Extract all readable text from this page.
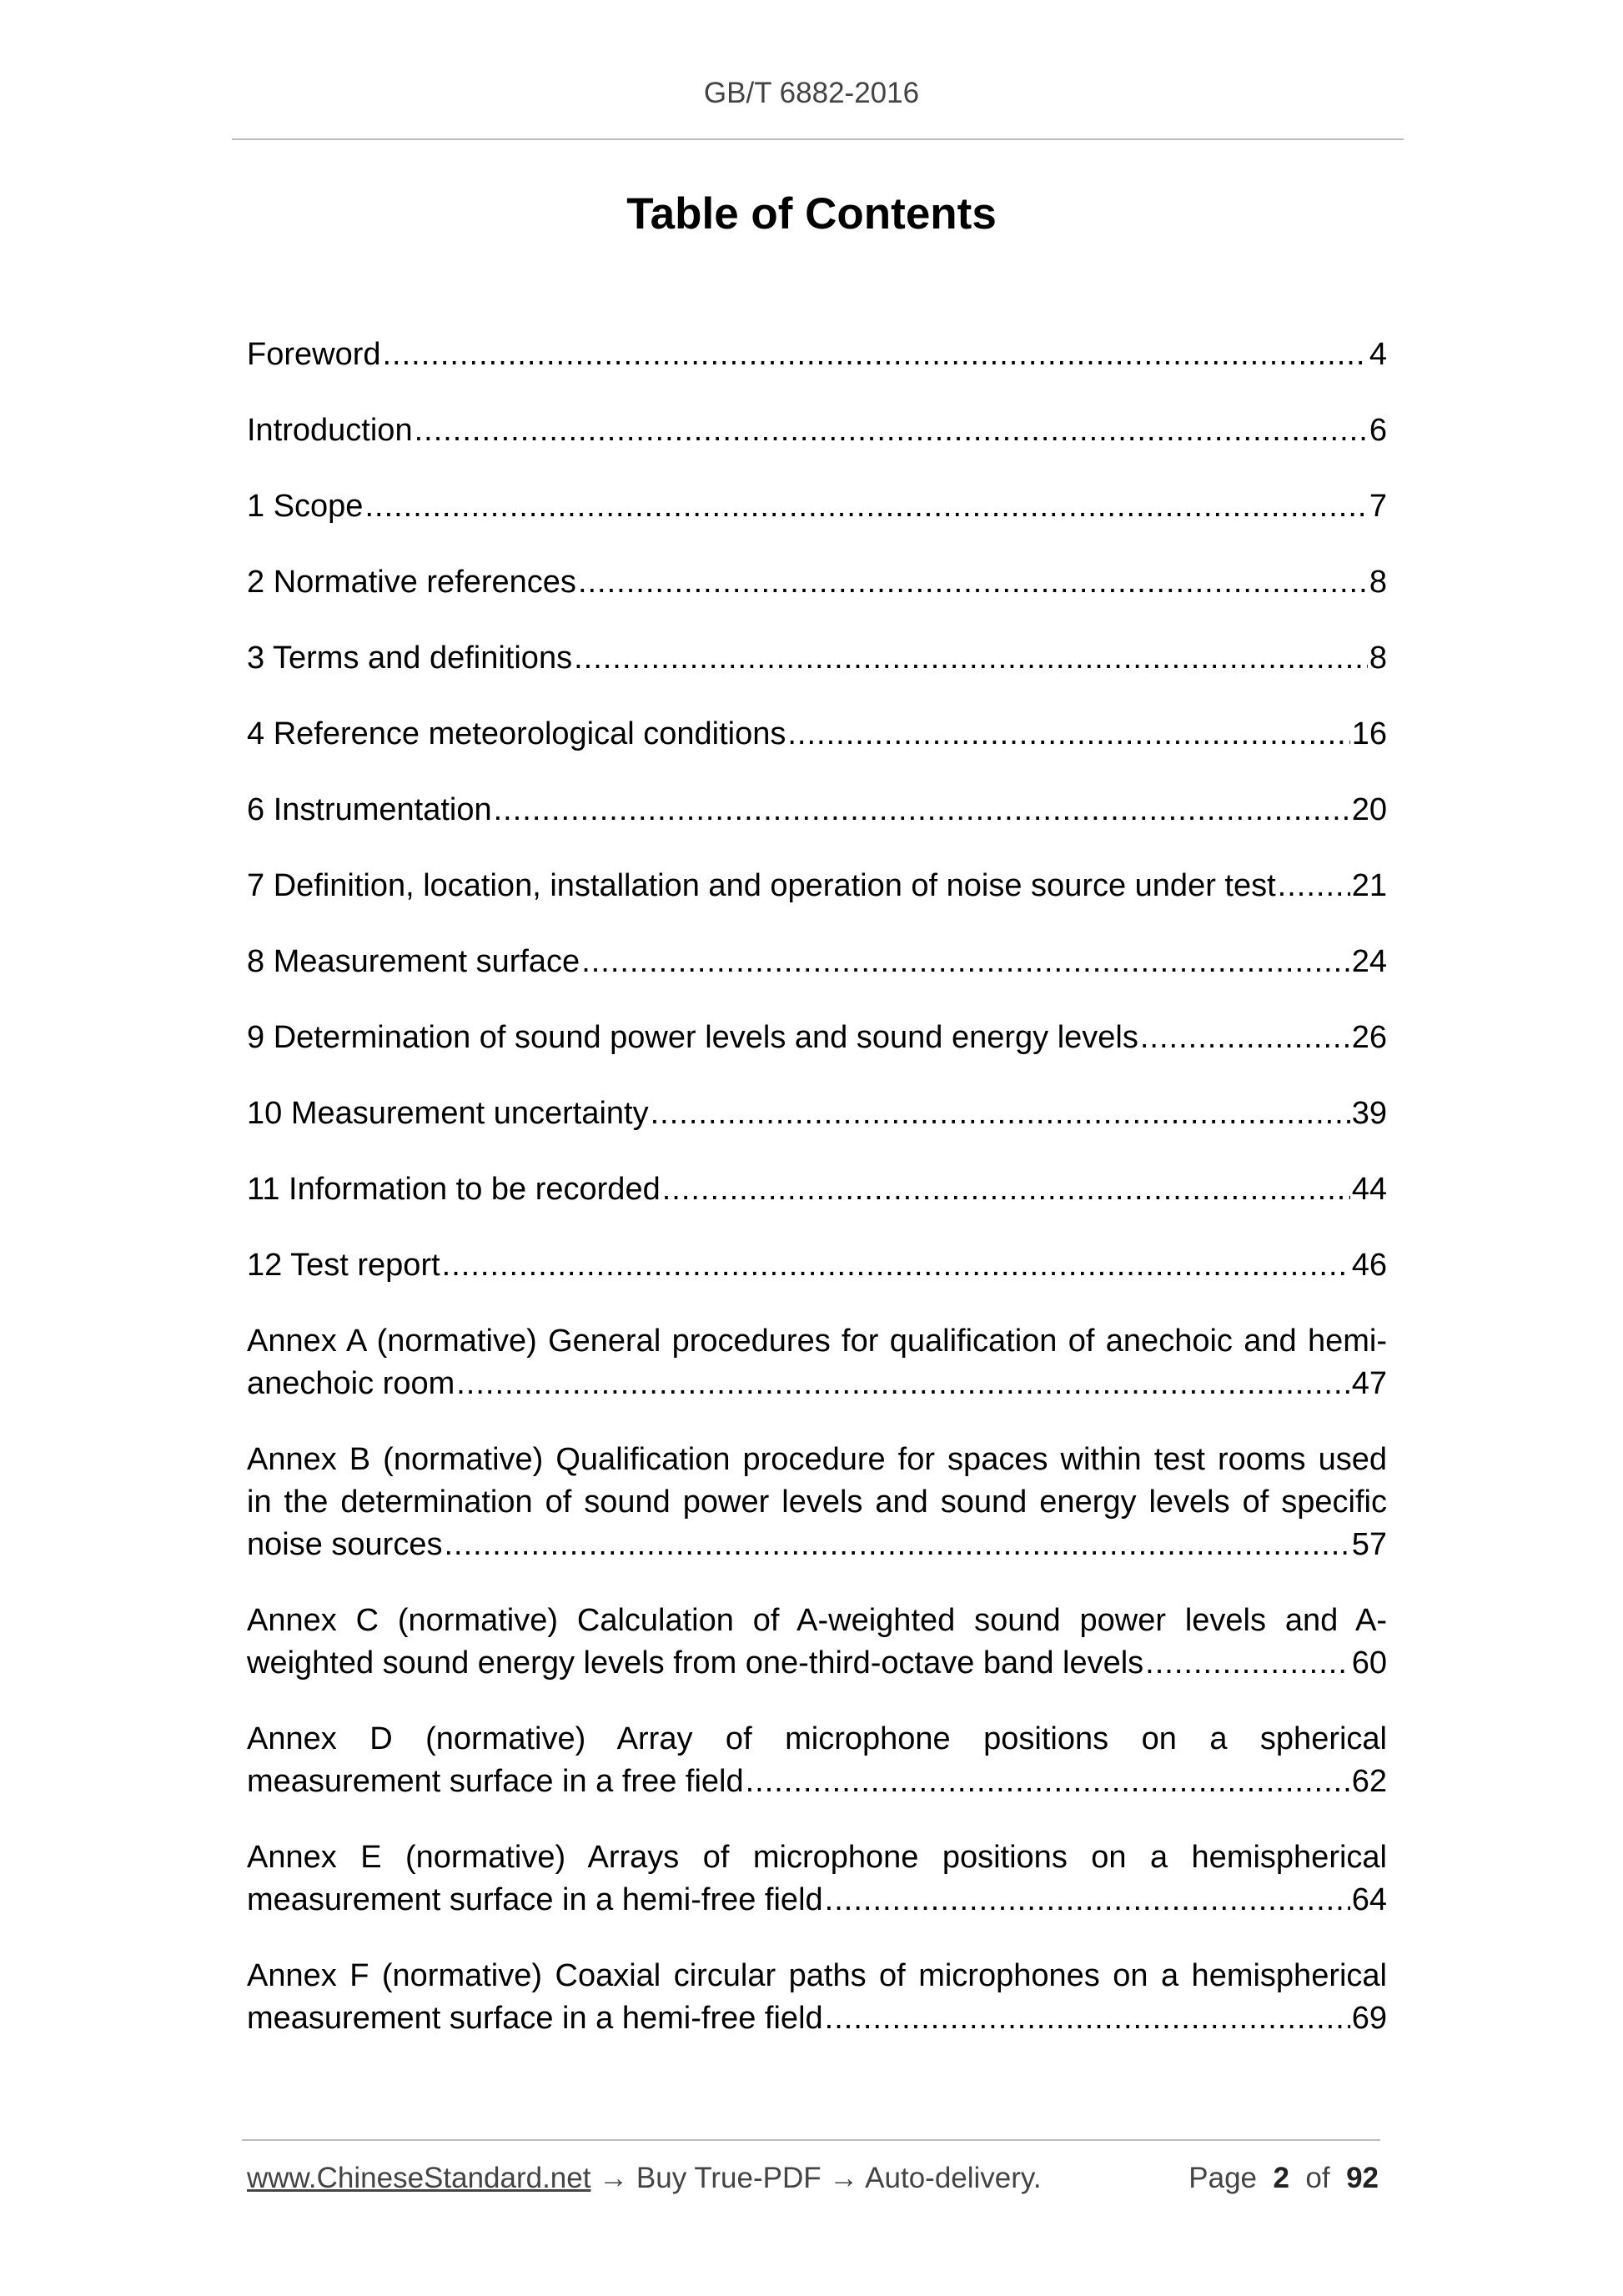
GB/T 6882-2016
Table of Contents
Foreword .....	4
Introduction .....	6
1 Scope .....	7
2 Normative references .....	8
3 Terms and definitions .....	8
4 Reference meteorological conditions .....	16
6 Instrumentation .....	20
7 Definition, location, installation and operation of noise source under test ..... 21
8 Measurement surface .....	24
9 Determination of sound power levels and sound energy levels .....	26
10 Measurement uncertainty .....	39
11 Information to be recorded .....	44
12 Test report .....	46
Annex A (normative) General procedures for qualification of anechoic and hemi-
anechoic room .....	47
Annex B (normative) Qualification procedure for spaces within test rooms used
in the determination of sound power levels and sound energy levels of specific
noise sources .....	57
Annex C (normative) Calculation of A-weighted sound power levels and A-
weighted sound energy levels from one-third-octave band levels .....	60
Annex D (normative) Array of microphone positions on a spherical
measurement surface in a free field .....	62
Annex E (normative) Arrays of microphone positions on a hemispherical
measurement surface in a hemi-free field .....	64
Annex F (normative) Coaxial circular paths of microphones on a hemispherical
measurement surface in a hemi-free field .....	69
www.ChineseStandard.net → Buy True-PDF → Auto-delivery.	Page 2 of 92
